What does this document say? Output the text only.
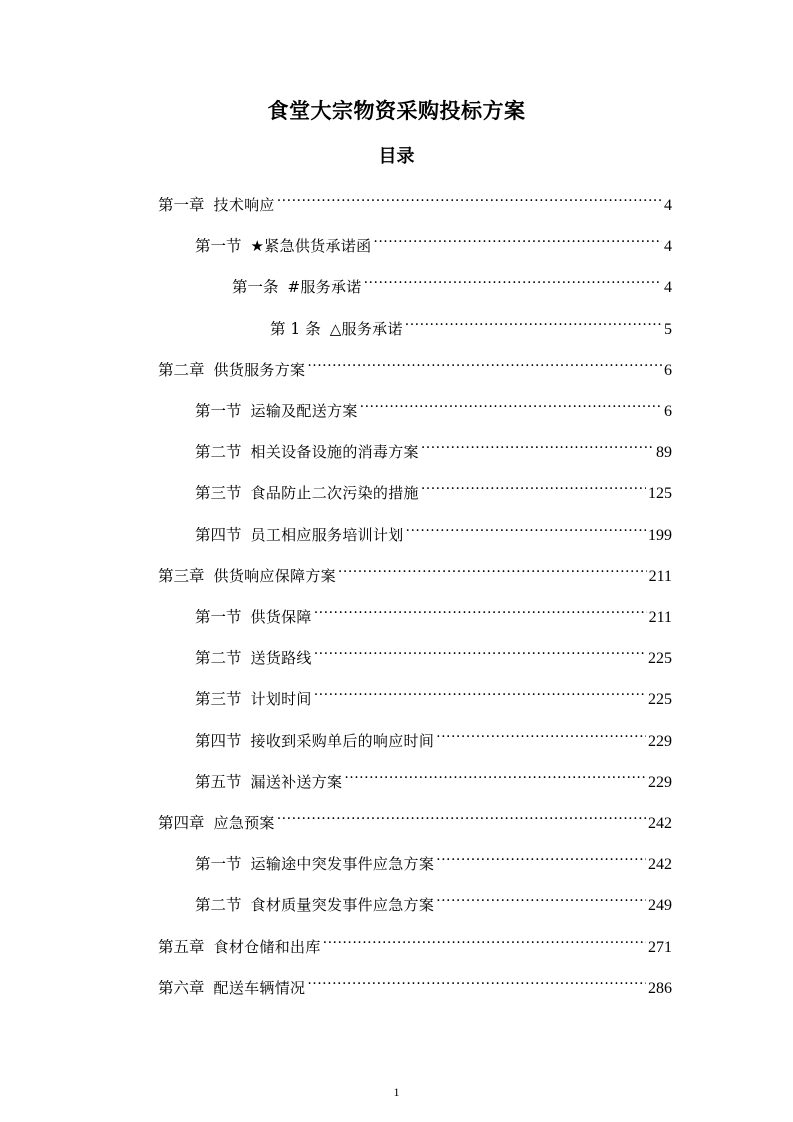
食堂大宗物资采购投标方案
目录
第一章 技术响应 .....	4
第一节 ★紧急供货承诺函 .....	4
第一条 #服务承诺 .....	4
第 1 条 △服务承诺 .....	5
第二章 供货服务方案 .....	6
第一节 运输及配送方案 .....	6
第二节 相关设备设施的消毒方案 .....	89
第三节 食品防止二次污染的措施 .....	125
第四节 员工相应服务培训计划 .....	199
第三章 供货响应保障方案 .....	211
第一节 供货保障 .....	211
第二节 送货路线 .....	225
第三节 计划时间 .....	225
第四节 接收到采购单后的响应时间 .....	229
第五节 漏送补送方案 .....	229
第四章 应急预案 .....	242
第一节 运输途中突发事件应急方案 .....	242
第二节 食材质量突发事件应急方案 .....	249
第五章 食材仓储和出库 .....	271
第六章 配送车辆情况 .....	286
1
